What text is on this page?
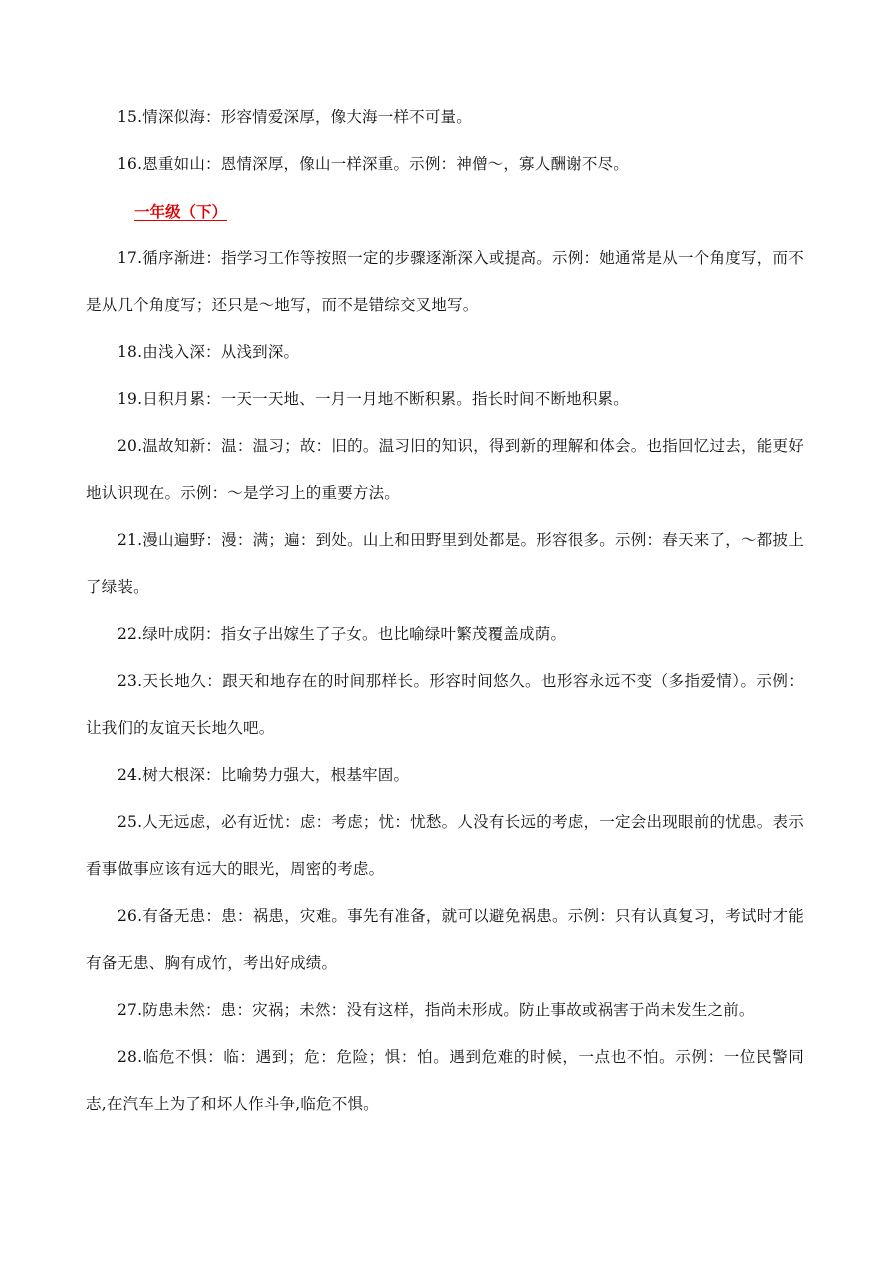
15.情深似海：形容情爱深厚，像大海一样不可量。

16.恩重如山：恩情深厚，像山一样深重。示例：神僧～，寡人酬谢不尽。

一年级（下）

17.循序渐进：指学习工作等按照一定的步骤逐渐深入或提高。示例：她通常是从一个角度写，而不是从几个角度写；还只是～地写，而不是错综交叉地写。

18.由浅入深：从浅到深。

19.日积月累：一天一天地、一月一月地不断积累。指长时间不断地积累。

20.温故知新：温：温习；故：旧的。温习旧的知识，得到新的理解和体会。也指回忆过去，能更好地认识现在。示例：～是学习上的重要方法。

21.漫山遍野：漫：满；遍：到处。山上和田野里到处都是。形容很多。示例：春天来了，～都披上了绿装。

22.绿叶成阴：指女子出嫁生了子女。也比喻绿叶繁茂覆盖成荫。

23.天长地久：跟天和地存在的时间那样长。形容时间悠久。也形容永远不变（多指爱情）。示例：让我们的友谊天长地久吧。

24.树大根深：比喻势力强大，根基牢固。

25.人无远虑，必有近忧：虑：考虑；忧：忧愁。人没有长远的考虑，一定会出现眼前的忧患。表示看事做事应该有远大的眼光，周密的考虑。

26.有备无患：患：祸患，灾难。事先有准备，就可以避免祸患。示例：只有认真复习，考试时才能有备无患、胸有成竹，考出好成绩。

27.防患未然：患：灾祸；未然：没有这样，指尚未形成。防止事故或祸害于尚未发生之前。

28.临危不惧：临：遇到；危：危险；惧：怕。遇到危难的时候，一点也不怕。示例：一位民警同志,在汽车上为了和坏人作斗争,临危不惧。
